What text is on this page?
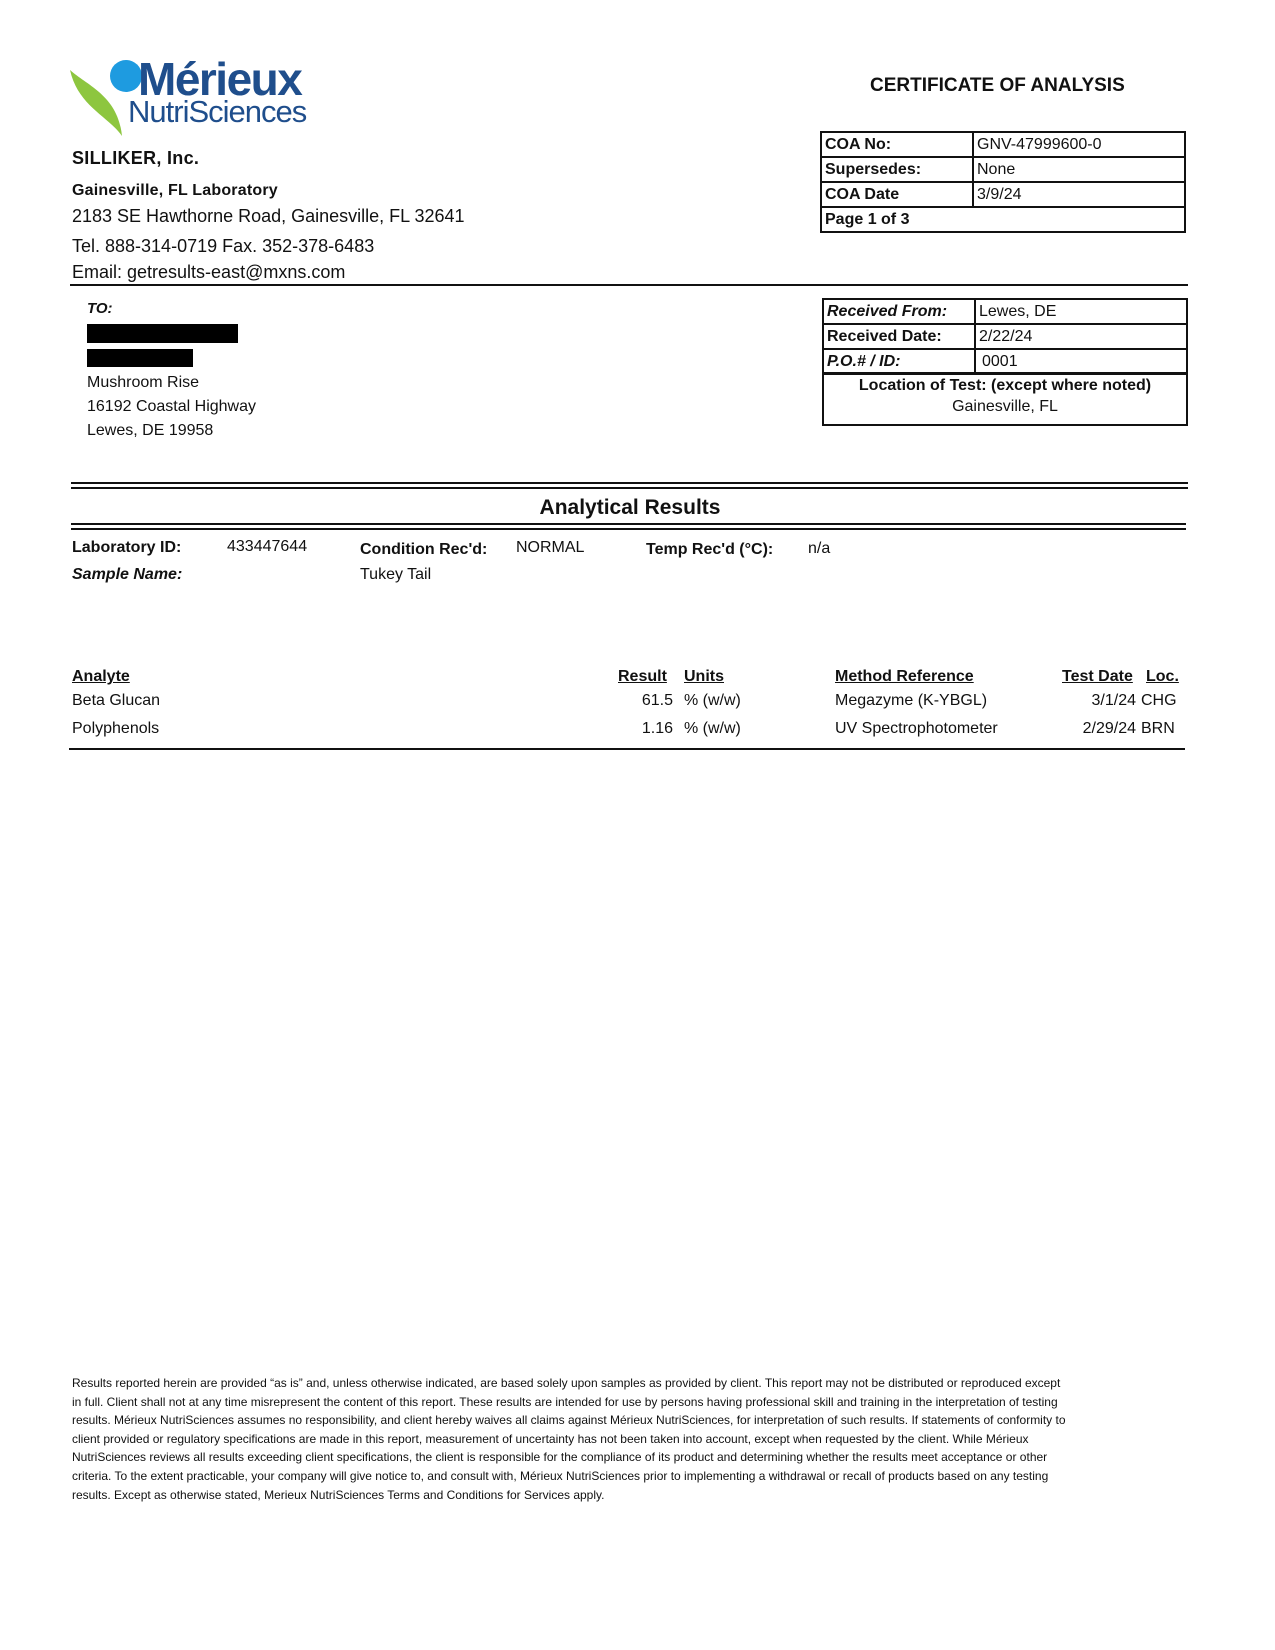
Mérieux
NutriSciences
SILLIKER, Inc.
Gainesville, FL Laboratory
2183 SE Hawthorne Road, Gainesville, FL 32641
Tel. 888-314-0719 Fax. 352-378-6483
Email: getresults-east@mxns.com
CERTIFICATE OF ANALYSIS
COA No:	GNV-47999600-0
Supersedes:	None
COA Date	3/9/24
Page 1 of 3	
TO:
Mushroom Rise
16192 Coastal Highway
Lewes, DE 19958
Received From:	Lewes, DE
Received Date:	2/22/24
P.O.# / ID:	0001
Location of Test: (except where noted)
Gainesville, FL
Analytical Results
Laboratory ID:	433447644	Condition Rec'd: NORMAL	Temp Rec'd (°C): n/a
Sample Name:	Tukey Tail
Analyte	Result Units	Method Reference	Test Date Loc.
Beta Glucan	61.5 % (w/w)	Megazyme (K-YBGL)	3/1/24 CHG
Polyphenols	1.16 % (w/w)	UV Spectrophotometer	2/29/24 BRN
Results reported herein are provided “as is” and, unless otherwise indicated, are based solely upon samples as provided by client. This report may not be distributed or reproduced except in full. Client shall not at any time misrepresent the content of this report. These results are intended for use by persons having professional skill and training in the interpretation of testing results. Mérieux NutriSciences assumes no responsibility, and client hereby waives all claims against Mérieux NutriSciences, for interpretation of such results. If statements of conformity to client provided or regulatory specifications are made in this report, measurement of uncertainty has not been taken into account, except when requested by the client. While Mérieux NutriSciences reviews all results exceeding client specifications, the client is responsible for the compliance of its product and determining whether the results meet acceptance or other criteria. To the extent practicable, your company will give notice to, and consult with, Mérieux NutriSciences prior to implementing a withdrawal or recall of products based on any testing results. Except as otherwise stated, Merieux NutriSciences Terms and Conditions for Services apply.
